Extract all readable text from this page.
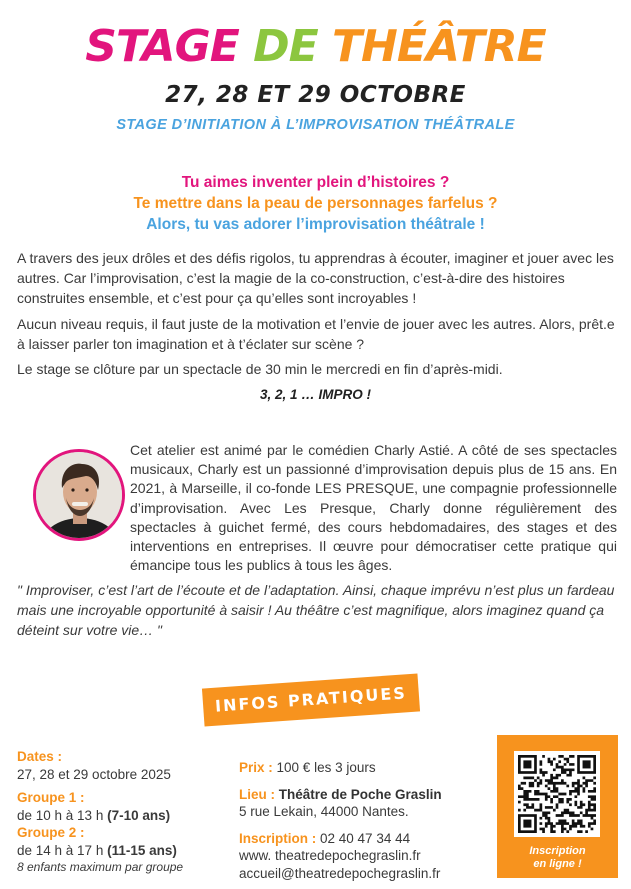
STAGE DE THÉÂTRE
27, 28 ET 29 OCTOBRE
STAGE D’INITIATION À L’IMPROVISATION THÉÂTRALE
Tu aimes inventer plein d’histoires ?
Te mettre dans la peau de personnages farfelus ?
Alors, tu vas adorer l’improvisation théâtrale !

A travers des jeux drôles et des défis rigolos, tu apprendras à écouter, imaginer et jouer avec les autres. Car l’improvisation, c’est la magie de la co-construction, c’est-à-dire des histoires construites ensemble, et c’est pour ça qu’elles sont incroyables !

Aucun niveau requis, il faut juste de la motivation et l’envie de jouer avec les autres. Alors, prêt.e à laisser parler ton imagination et à t’éclater sur scène ?

Le stage se clôture par un spectacle de 30 min le mercredi en fin d’après-midi.

3, 2, 1 … IMPRO !

Cet atelier est animé par le comédien Charly Astié. A côté de ses spectacles musicaux, Charly est un passionné d’improvisation depuis plus de 15 ans. En 2021, à Marseille, il co-fonde LES PRESQUE, une compagnie professionnelle d’improvisation. Avec Les Presque, Charly donne régulièrement des spectacles à guichet fermé, des cours hebdomadaires, des stages et des interventions en entreprises. Il œuvre pour démocratiser cette pratique qui émancipe tous les publics à tous les âges.

" Improviser, c’est l’art de l’écoute et de l’adaptation. Ainsi, chaque imprévu n’est plus un fardeau mais une incroyable opportunité à saisir ! Au théâtre c’est magnifique, alors imaginez quand ça déteint sur votre vie… "

INFOS PRATIQUES
Dates :
27, 28 et 29 octobre 2025
Groupe 1 :
de 10 h à 13 h (7-10 ans)
Groupe 2 :
de 14 h à 17 h (11-15 ans)
8 enfants maximum par groupe
Prix : 100 € les 3 jours
Lieu : Théâtre de Poche Graslin
5 rue Lekain, 44000 Nantes.
Inscription : 02 40 47 34 44
www. theatredepochegraslin.fr
accueil@theatredepochegraslin.fr
Inscription
en ligne !
